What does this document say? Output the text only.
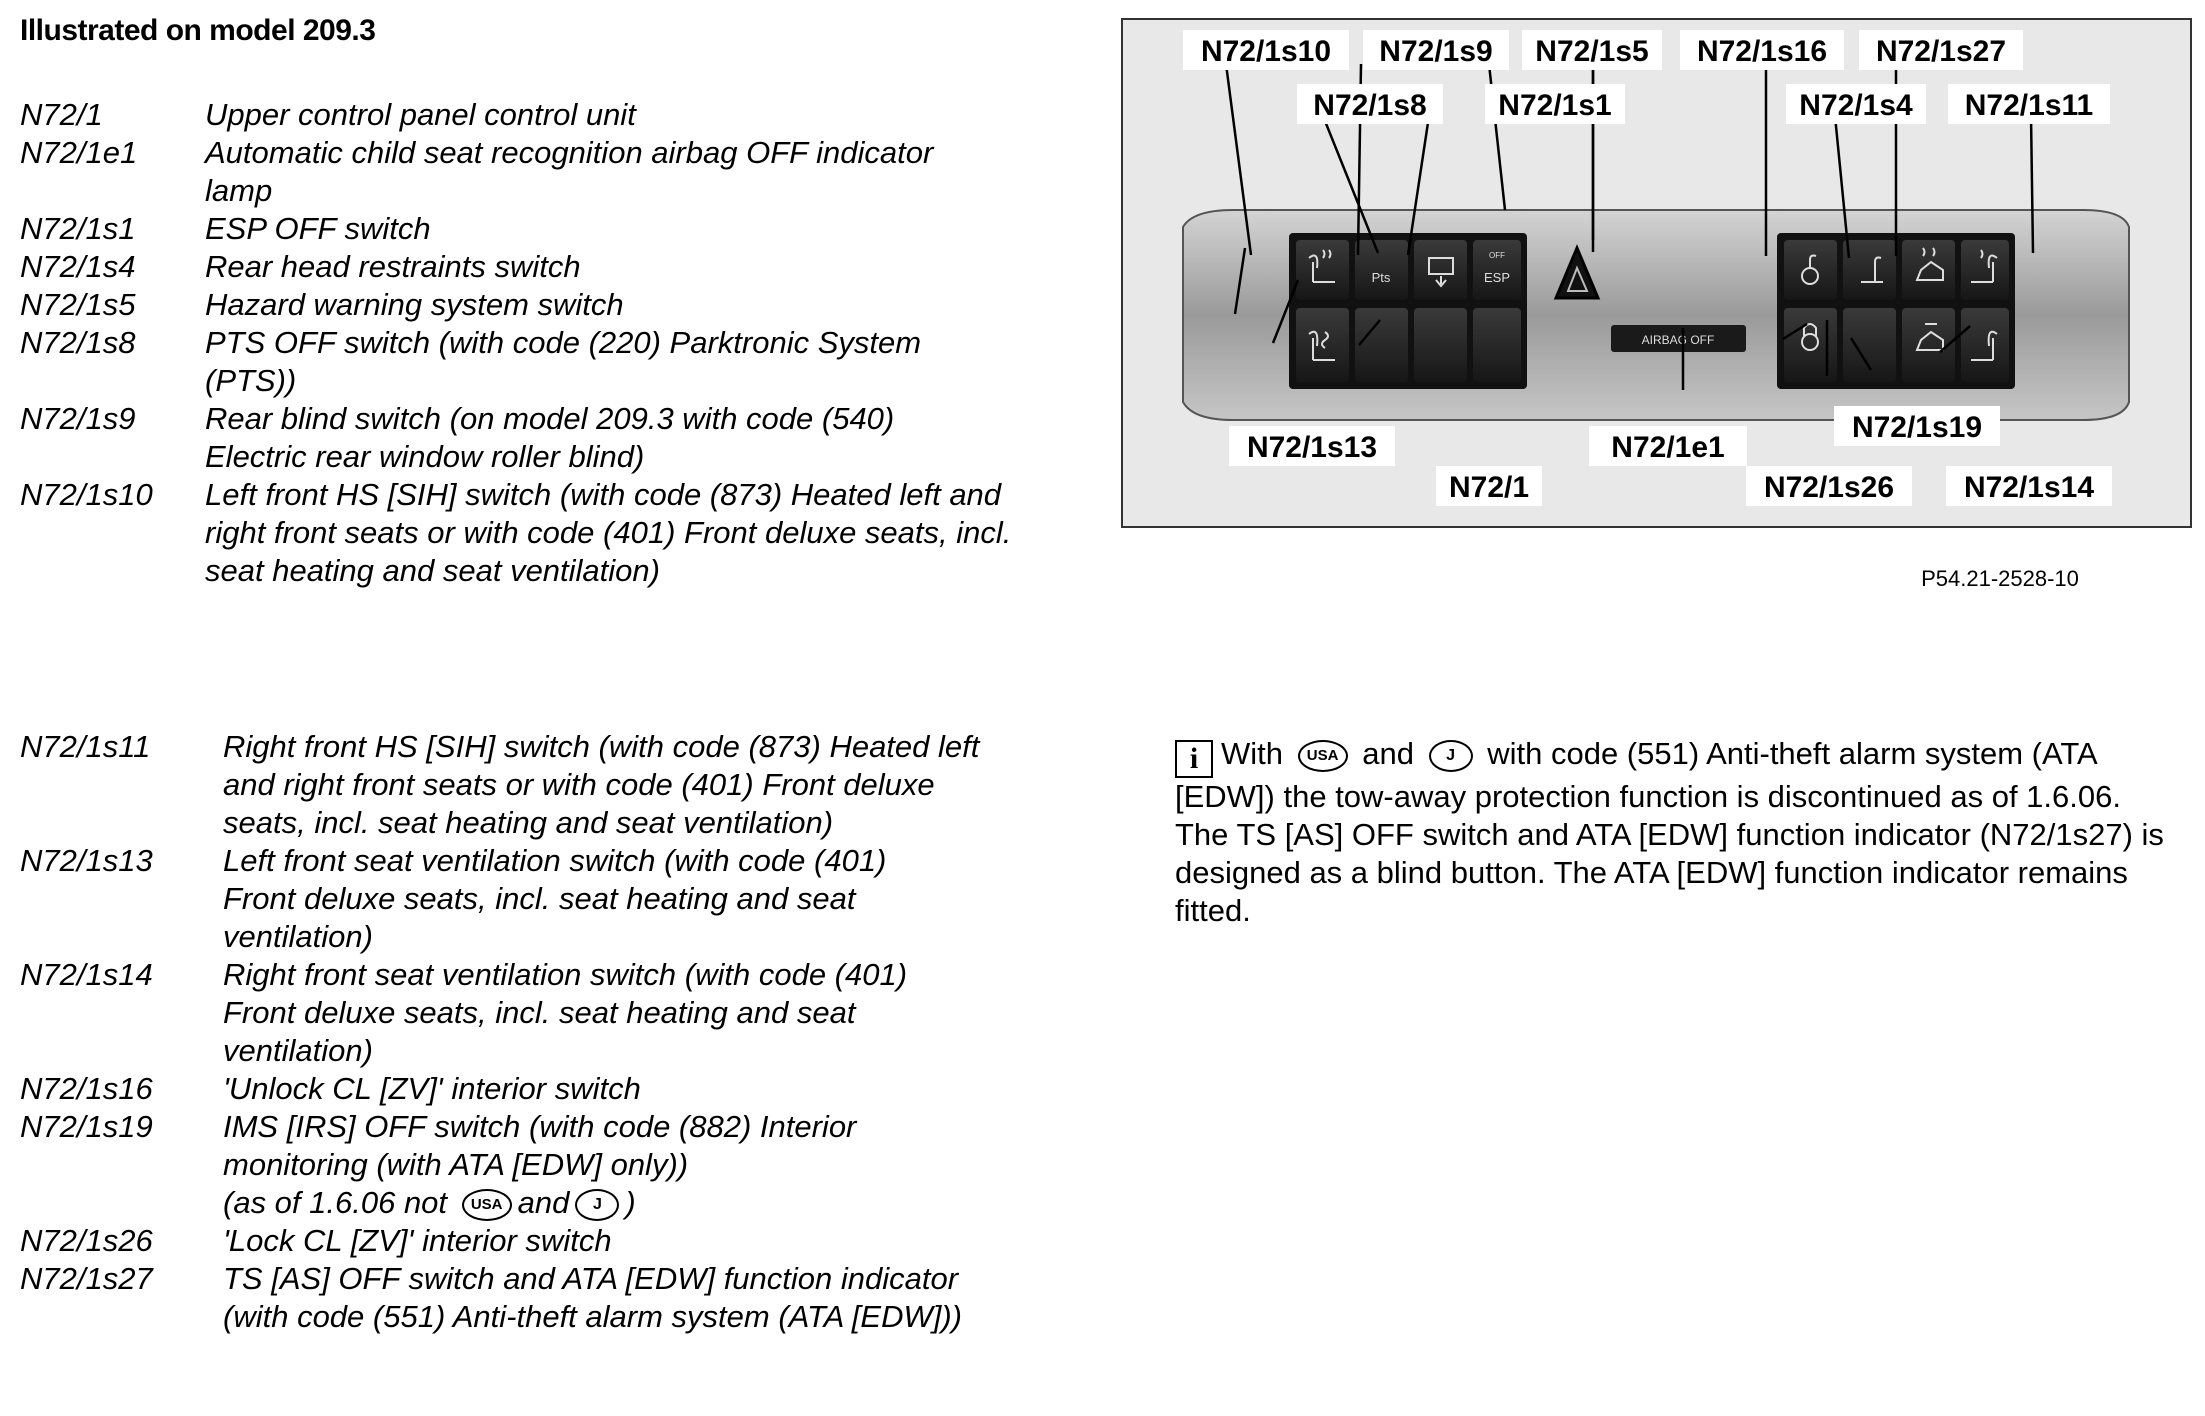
Illustrated on model 209.3
N72/1	Upper control panel control unit
N72/1e1	Automatic child seat recognition airbag OFF indicator lamp
N72/1s1	ESP OFF switch
N72/1s4	Rear head restraints switch
N72/1s5	Hazard warning system switch
N72/1s8	PTS OFF switch (with code (220) Parktronic System (PTS))
N72/1s9	Rear blind switch (on model 209.3 with code (540) Electric rear window roller blind)
N72/1s10	Left front HS [SIH] switch (with code (873) Heated left and right front seats or with code (401) Front deluxe seats, incl. seat heating and seat ventilation)
N72/1s11	Right front HS [SIH] switch (with code (873) Heated left and right front seats or with code (401) Front deluxe seats, incl. seat heating and seat ventilation)
N72/1s13	Left front seat ventilation switch (with code (401) Front deluxe seats, incl. seat heating and seat ventilation)
N72/1s14	Right front seat ventilation switch (with code (401) Front deluxe seats, incl. seat heating and seat ventilation)
N72/1s16	'Unlock CL [ZV]' interior switch
N72/1s19	IMS [IRS] OFF switch (with code (882) Interior monitoring (with ATA [EDW] only))
(as of 1.6.06 not USA and J )
N72/1s26	'Lock CL [ZV]' interior switch
N72/1s27	TS [AS] OFF switch and ATA [EDW] function indicator (with code (551) Anti-theft alarm system (ATA [EDW]))
Pts
OFF
ESP
AIRBAG OFF
N72/1s10 N72/1s9 N72/1s5 N72/1s16 N72/1s27
N72/1s8 N72/1s1	N72/1s4 N72/1s11
N72/1s13	N72/1e1
N72/1s19
N72/1	N72/1s26 N72/1s14
P54.21-2528-10

i With USA and J with code (551) Anti-theft alarm system (ATA [EDW]) the tow-away protection function is discontinued as of 1.6.06.

The TS [AS] OFF switch and ATA [EDW] function indicator (N72/1s27) is designed as a blind button. The ATA [EDW] function indicator remains fitted.
